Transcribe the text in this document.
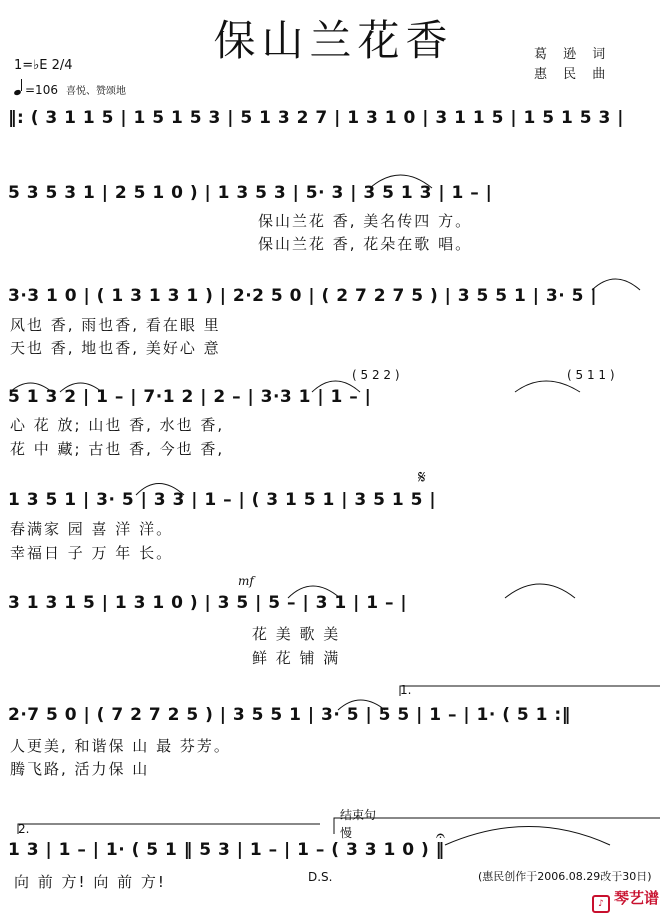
保山兰花香	葛 逊 词
惠 民 曲
1=♭E 2/4
=106 喜悦、赞颂地
‖: ( 3 1 1 5 | 1 5 1 5 3 | 5 1 3 2 7 | 1 3 1 0 | 3 1 1 5 | 1 5 1 5 3 |
5 3 5 3 1 | 2 5 1 0 ) | 1 3 5 3 | 5· 3 | 3 5 1 3 | 1 – |
保山兰花 香, 美名传四 方。
保山兰花 香, 花朵在歌 唱。
3·3 1 0 | ( 1 3 1 3 1 ) | 2·2 5 0 | ( 2 7 2 7 5 ) | 3 5 5 1 | 3· 5 |
风也 香, 雨也香, 看在眼 里
天也 香, 地也香, 美好心 意
( 5 2 2 )	( 5 1 1 )
5 1 3 2 | 1 – | 7·1 2 | 2 – | 3·3 1 | 1 – |
心 花 放; 山也 香, 水也 香,
花 中 藏; 古也 香, 今也 香,
𝄋
1 3 5 1 | 3· 5 | 3 3 | 1 – | ( 3 1 5 1 | 3 5 1 5 |
春满家 园 喜 洋 洋。
幸福日 子 万 年 长。
mf
3 1 3 1 5 | 1 3 1 0 ) | 3 5 | 5 – | 3 1 | 1 – |
花 美 歌 美
鲜 花 铺 满
1.
2·7 5 0 | ( 7 2 7 2 5 ) | 3 5 5 1 | 3· 5 | 5 5 | 1 – | 1· ( 5 1 :‖
人更美, 和谐保 山 最 芬芳。
腾飞路, 活力保 山
2.
结束句
慢	𝄐
1 3 | 1 – | 1· ( 5 1 ‖ 5 3 | 1 – | 1 – ( 3 3 1 0 ) ‖
向 前 方! 向 前 方!	D.S.	(惠民创作于2006.08.29改于30日)
♪ 琴艺谱
